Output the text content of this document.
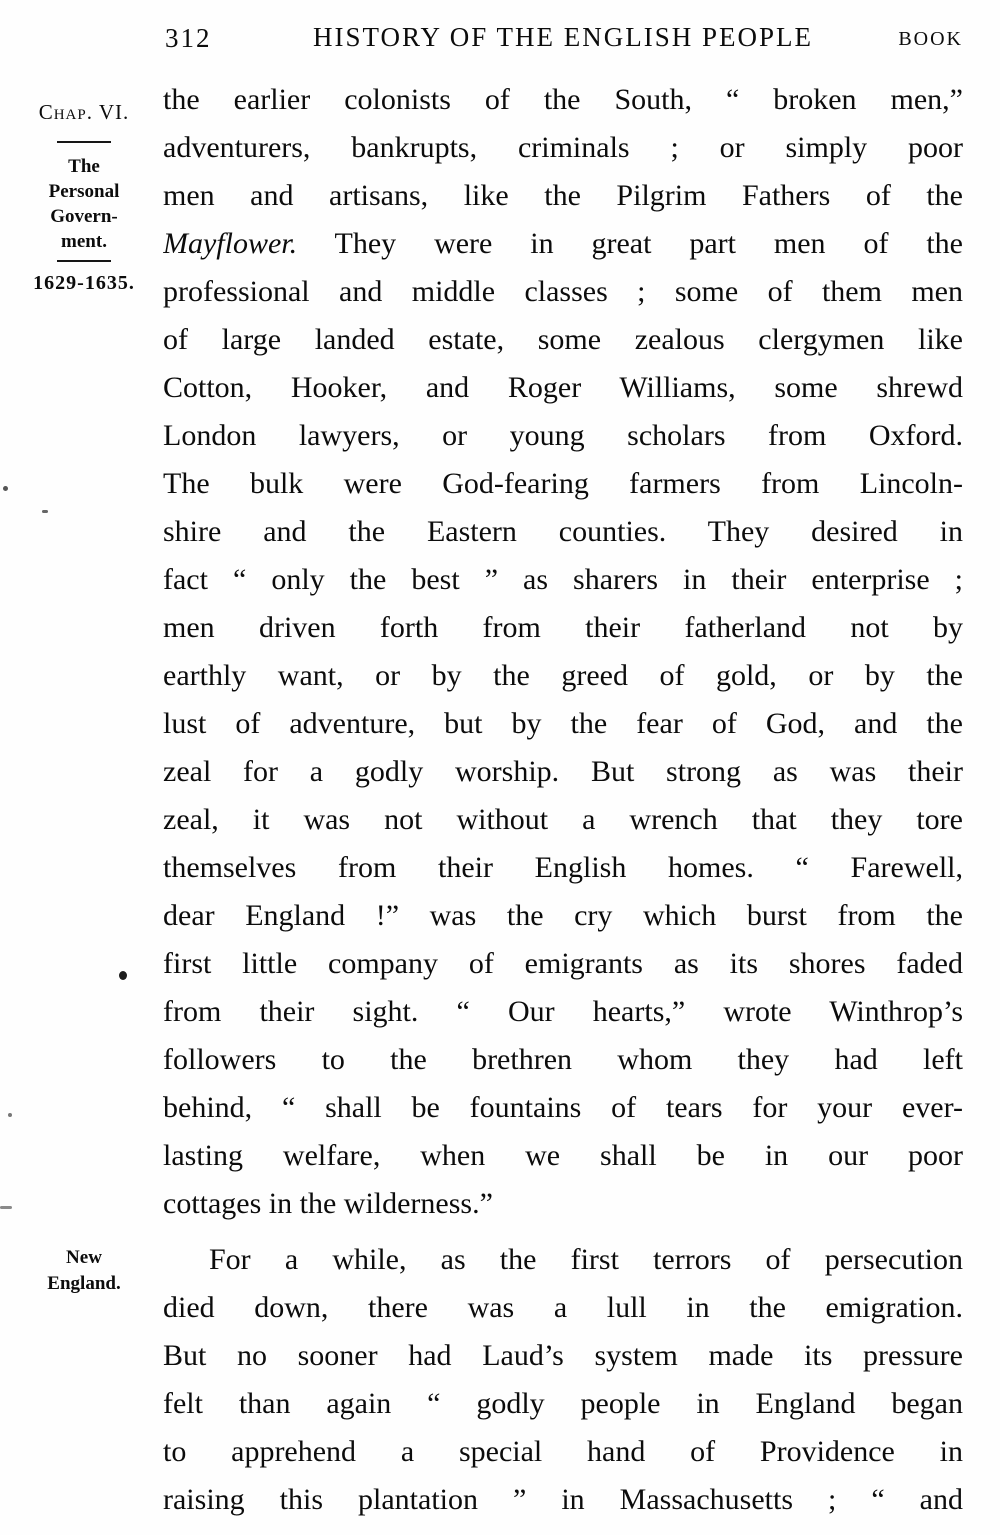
312	HISTORY OF THE ENGLISH PEOPLE	BOOK
Chap. VI.
The
Personal
Govern-
ment.
1629-1635.
New
England.
the earlier colonists of the South, “ broken men,”
adventurers, bankrupts, criminals ; or simply poor
men and artisans, like the Pilgrim Fathers of the
Mayflower. They were in great part men of the
professional and middle classes ; some of them men
of large landed estate, some zealous clergymen like
Cotton, Hooker, and Roger Williams, some shrewd
London lawyers, or young scholars from Oxford.
The bulk were God-fearing farmers from Lincoln-
shire and the Eastern counties. They desired in
fact “ only the best ” as sharers in their enterprise ;
men driven forth from their fatherland not by
earthly want, or by the greed of gold, or by the
lust of adventure, but by the fear of God, and the
zeal for a godly worship. But strong as was their
zeal, it was not without a wrench that they tore
themselves from their English homes. “ Farewell,
dear England !” was the cry which burst from the
first little company of emigrants as its shores faded
from their sight. “ Our hearts,” wrote Winthrop’s
followers to the brethren whom they had left
behind, “ shall be fountains of tears for your ever-
lasting welfare, when we shall be in our poor
cottages in the wilderness.”
For a while, as the first terrors of persecution
died down, there was a lull in the emigration.
But no sooner had Laud’s system made its pressure
felt than again “ godly people in England began
to apprehend a special hand of Providence in
raising this plantation ” in Massachusetts ; “ and
